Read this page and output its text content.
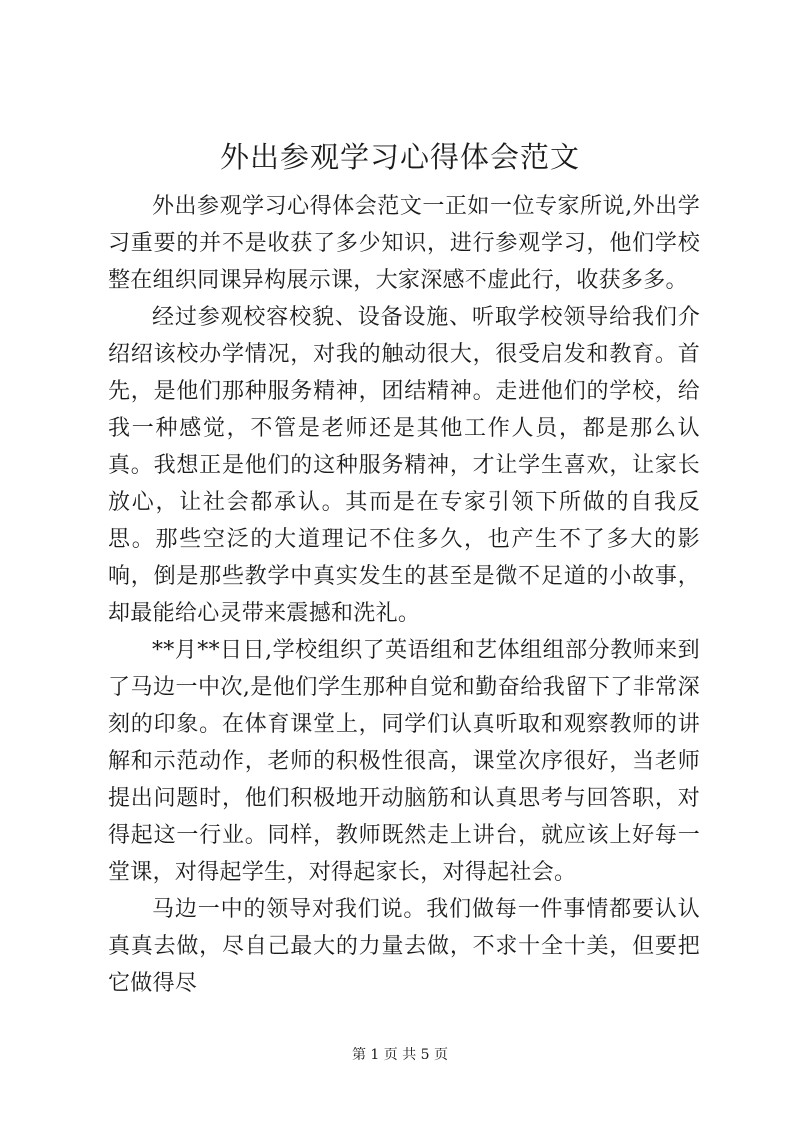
外出参观学习心得体会范文

外出参观学习心得体会范文一正如一位专家所说,外出学习重要的并不是收获了多少知识，进行参观学习，他们学校整在组织同课异构展示课，大家深感不虚此行，收获多多。

经过参观校容校貌、设备设施、听取学校领导给我们介绍绍该校办学情况，对我的触动很大，很受启发和教育。首先，是他们那种服务精神，团结精神。走进他们的学校，给我一种感觉，不管是老师还是其他工作人员，都是那么认真。我想正是他们的这种服务精神，才让学生喜欢，让家长放心，让社会都承认。其而是在专家引领下所做的自我反思。那些空泛的大道理记不住多久，也产生不了多大的影响，倒是那些教学中真实发生的甚至是微不足道的小故事，却最能给心灵带来震撼和洗礼。

**月**日日,学校组织了英语组和艺体组组部分教师来到了马边一中次,是他们学生那种自觉和勤奋给我留下了非常深刻的印象。在体育课堂上，同学们认真听取和观察教师的讲解和示范动作，老师的积极性很高，课堂次序很好，当老师提出问题时，他们积极地开动脑筋和认真思考与回答职，对得起这一行业。同样，教师既然走上讲台，就应该上好每一堂课，对得起学生，对得起家长，对得起社会。

马边一中的领导对我们说。我们做每一件事情都要认认真真去做，尽自己最大的力量去做，不求十全十美，但要把它做得尽

第 1 页 共 5 页
